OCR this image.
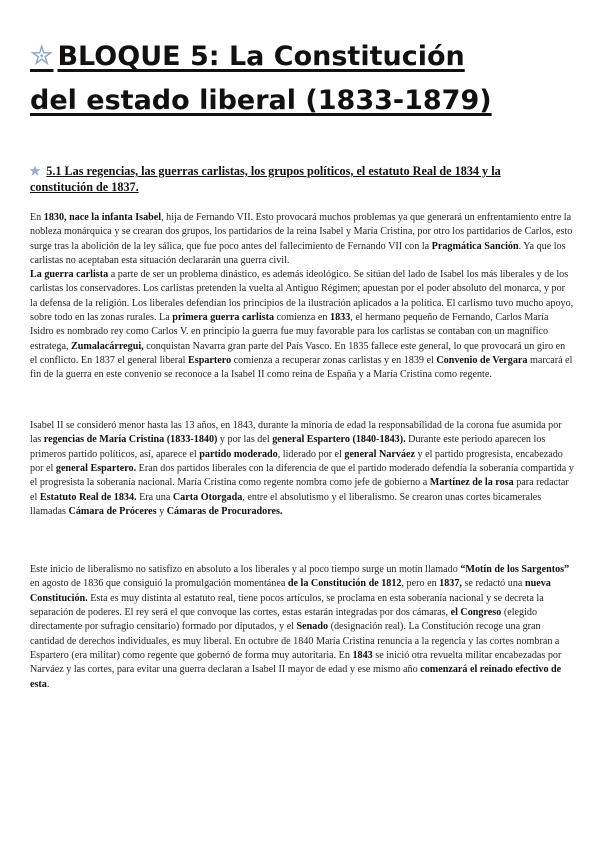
✮ BLOQUE 5: La Constitución
del estado liberal (1833-1879)
✮ 5.1 Las regencias, las guerras carlistas, los grupos políticos, el estatuto Real de 1834 y la constitución de 1837.

En 1830, nace la infanta Isabel, hija de Fernando VII. Esto provocará muchos problemas ya que generará un enfrentamiento entre la nobleza monárquica y se crearan dos grupos, los partidarios de la reina Isabel y María Cristina, por otro los partidarios de Carlos, esto surge tras la abolición de la ley sálica, que fue poco antes del fallecimiento de Fernando VII con la Pragmática Sanción. Ya que los carlistas no aceptaban esta situación declararán una guerra civil.

La guerra carlista a parte de ser un problema dinástico, es además ideológico. Se sitúan del lado de Isabel los más liberales y de los carlistas los conservadores. Los carlistas pretenden la vuelta al Antiguo Régimen; apuestan por el poder absoluto del monarca, y por la defensa de la religión. Los liberales defendían los principios de la ilustración aplicados a la política. El carlismo tuvo mucho apoyo, sobre todo en las zonas rurales. La primera guerra carlista comienza en 1833, el hermano pequeño de Fernando, Carlos María Isidro es nombrado rey como Carlos V. en principio la guerra fue muy favorable para los carlistas se contaban con un magnífico estratega, Zumalacárregui, conquistan Navarra gran parte del País Vasco. En 1835 fallece este general, lo que provocará un giro en el conflicto. En 1837 el general liberal Espartero comienza a recuperar zonas carlistas y en 1839 el Convenio de Vergara marcará el fin de la guerra en este convenio se reconoce a la Isabel II como reina de España y a María Cristina como regente.

Isabel II se consideró menor hasta las 13 años, en 1843, durante la minoría de edad la responsabilidad de la corona fue asumida por las regencias de María Cristina (1833-1840) y por las del general Espartero (1840-1843). Durante este periodo aparecen los primeros partido políticos, así, aparece el partido moderado, liderado por el general Narváez y el partido progresista, encabezado por el general Espartero. Eran dos partidos liberales con la diferencia de que el partido moderado defendía la soberanía compartida y el progresista la soberanía nacional. María Cristina como regente nombra como jefe de gobierno a Martínez de la rosa para redactar el Estatuto Real de 1834. Era una Carta Otorgada, entre el absolutismo y el liberalismo. Se crearon unas cortes bicamerales llamadas Cámara de Próceres y Cámaras de Procuradores.

Este inicio de liberalismo no satisfizo en absoluto a los liberales y al poco tiempo surge un motín llamado “Motín de los Sargentos” en agosto de 1836 que consiguió la promulgación momentánea de la Constitución de 1812, pero en 1837, se redactó una nueva Constitución. Esta es muy distinta al estatuto real, tiene pocos artículos, se proclama en esta soberanía nacional y se decreta la separación de poderes. El rey será el que convoque las cortes, estas estarán integradas por dos cámaras, el Congreso (elegido directamente por sufragio censitario) formado por diputados, y el Senado (designación real). La Constitución recoge una gran cantidad de derechos individuales, es muy liberal. En octubre de 1840 María Cristina renuncia a la regencia y las cortes nombran a Espartero (era militar) como regente que gobernó de forma muy autoritaria. En 1843 se inició otra revuelta militar encabezadas por Narváez y las cortes, para evitar una guerra declaran a Isabel II mayor de edad y ese mismo año comenzará el reinado efectivo de esta.
